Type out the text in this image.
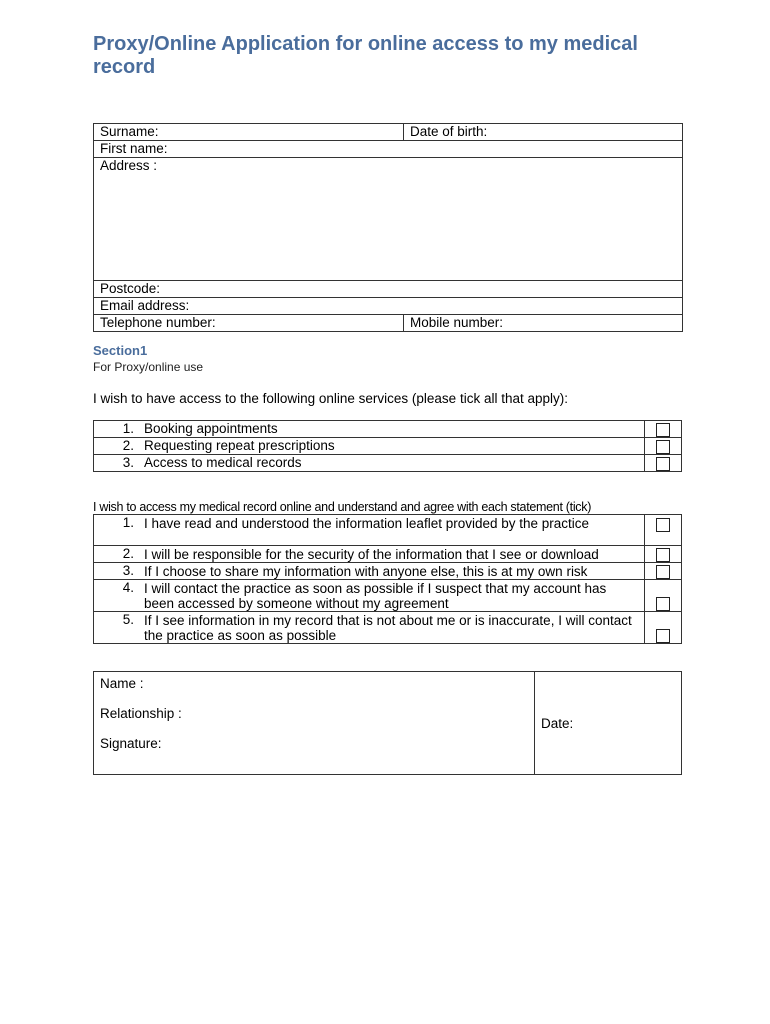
Proxy/Online Application for online access to my medical record
Surname:	Date of birth:
First name:	
Address :	
Postcode:	
Email address:	
Telephone number:	Mobile number:

Section1

For Proxy/online use

I wish to have access to the following online services (please tick all that apply):

1.	Booking appointments	
2.	Requesting repeat prescriptions	
3.	Access to medical records	

I wish to access my medical record online and understand and agree with each statement (tick)

1.	I have read and understood the information leaflet provided by the practice	
2.	I will be responsible for the security of the information that I see or download	
3.	If I choose to share my information with anyone else, this is at my own risk	
4.	I will contact the practice as soon as possible if I suspect that my account has been accessed by someone without my agreement	
5.	If I see information in my record that is not about me or is inaccurate, I will contact the practice as soon as possible	
Name :
Relationship :
Signature:
	Date:
